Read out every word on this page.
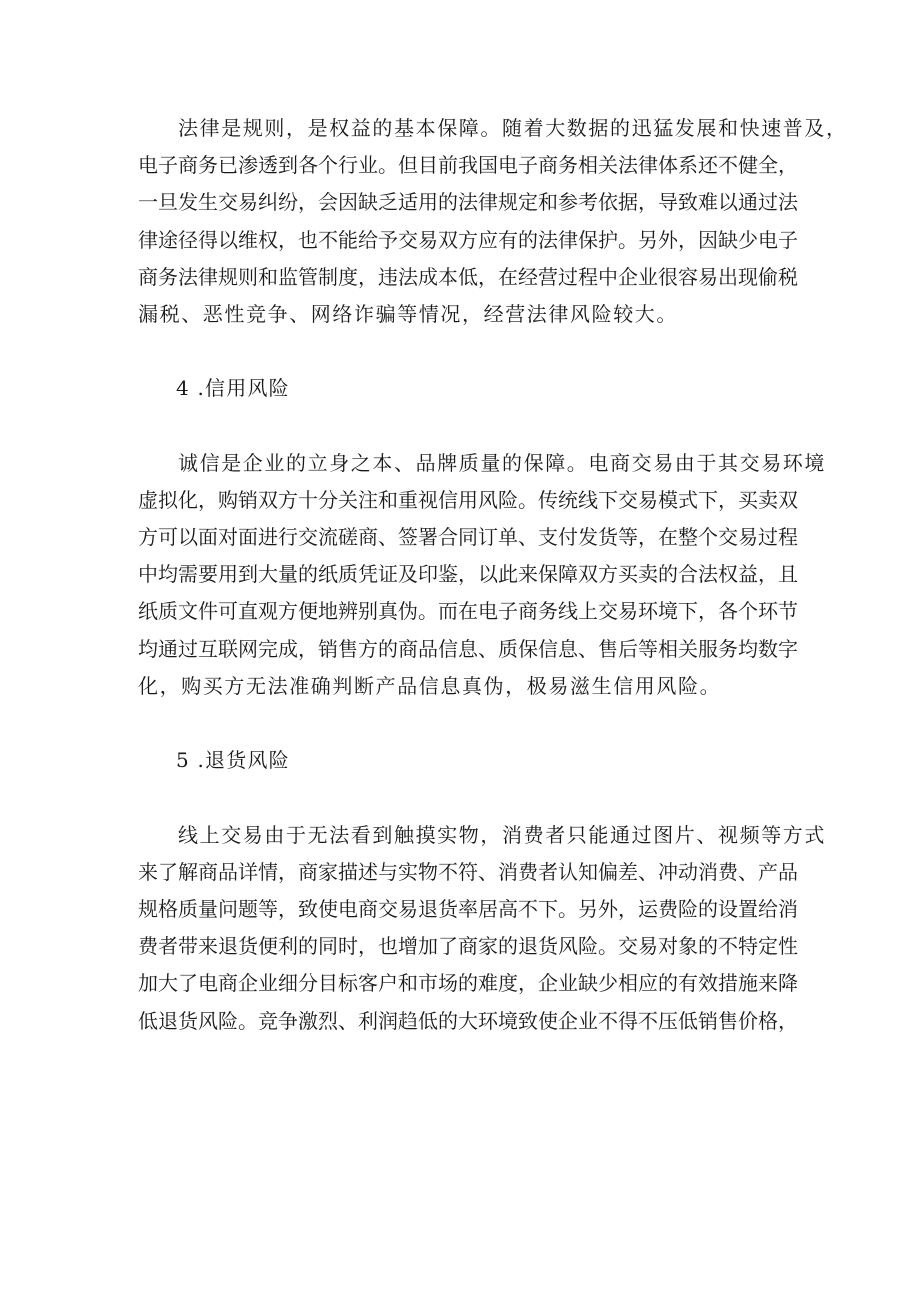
法律是规则，是权益的基本保障。随着大数据的迅猛发展和快速普及，
电子商务已渗透到各个行业。但目前我国电子商务相关法律体系还不健全，
一旦发生交易纠纷，会因缺乏适用的法律规定和参考依据，导致难以通过法
律途径得以维权，也不能给予交易双方应有的法律保护。另外，因缺少电子
商务法律规则和监管制度，违法成本低，在经营过程中企业很容易出现偷税
漏税、恶性竞争、网络诈骗等情况，经营法律风险较大。
4 .信用风险
诚信是企业的立身之本、品牌质量的保障。电商交易由于其交易环境
虚拟化，购销双方十分关注和重视信用风险。传统线下交易模式下，买卖双
方可以面对面进行交流磋商、签署合同订单、支付发货等，在整个交易过程
中均需要用到大量的纸质凭证及印鉴，以此来保障双方买卖的合法权益，且
纸质文件可直观方便地辨别真伪。而在电子商务线上交易环境下，各个环节
均通过互联网完成，销售方的商品信息、质保信息、售后等相关服务均数字
化，购买方无法准确判断产品信息真伪，极易滋生信用风险。
5 .退货风险
线上交易由于无法看到触摸实物，消费者只能通过图片、视频等方式
来了解商品详情，商家描述与实物不符、消费者认知偏差、冲动消费、产品
规格质量问题等，致使电商交易退货率居高不下。另外，运费险的设置给消
费者带来退货便利的同时，也增加了商家的退货风险。交易对象的不特定性
加大了电商企业细分目标客户和市场的难度，企业缺少相应的有效措施来降
低退货风险。竞争激烈、利润趋低的大环境致使企业不得不压低销售价格，
